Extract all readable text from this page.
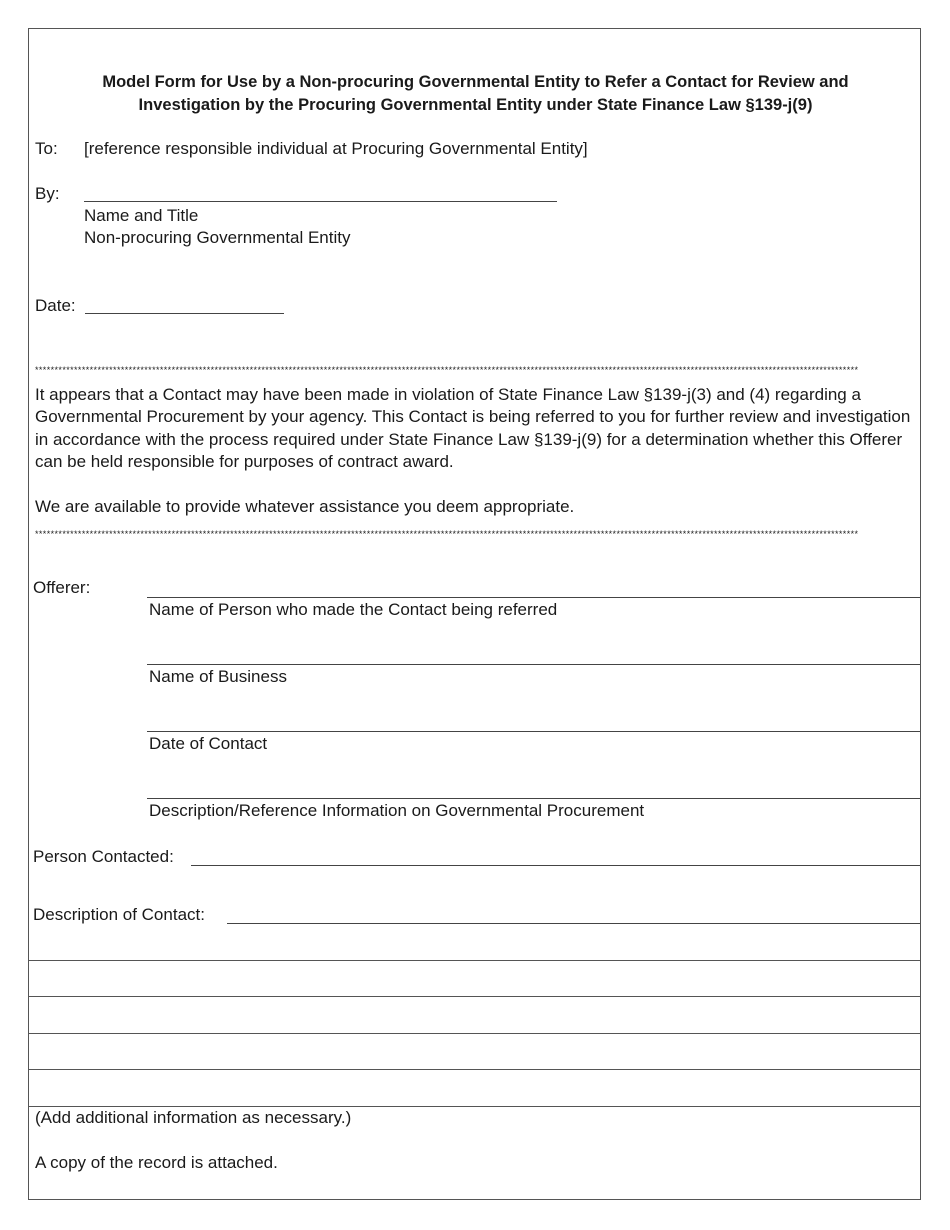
Model Form for Use by a Non-procuring Governmental Entity to Refer a Contact for Review and
Investigation by the Procuring Governmental Entity under State Finance Law §139-j(9)
To: [reference responsible individual at Procuring Governmental Entity]
By:
Name and Title
Non-procuring Governmental Entity
Date:
*******************************************************************************************************************************************************************************************************************
It appears that a Contact may have been made in violation of State Finance Law §139-j(3) and (4) regarding a Governmental Procurement by your agency. This Contact is being referred to you for further review and investigation in accordance with the process required under State Finance Law §139-j(9) for a determination whether this Offerer can be held responsible for purposes of contract award.
We are available to provide whatever assistance you deem appropriate.
*******************************************************************************************************************************************************************************************************************
Offerer:
Name of Person who made the Contact being referred
Name of Business
Date of Contact
Description/Reference Information on Governmental Procurement
Person Contacted:
Description of Contact:
(Add additional information as necessary.)
A copy of the record is attached.
